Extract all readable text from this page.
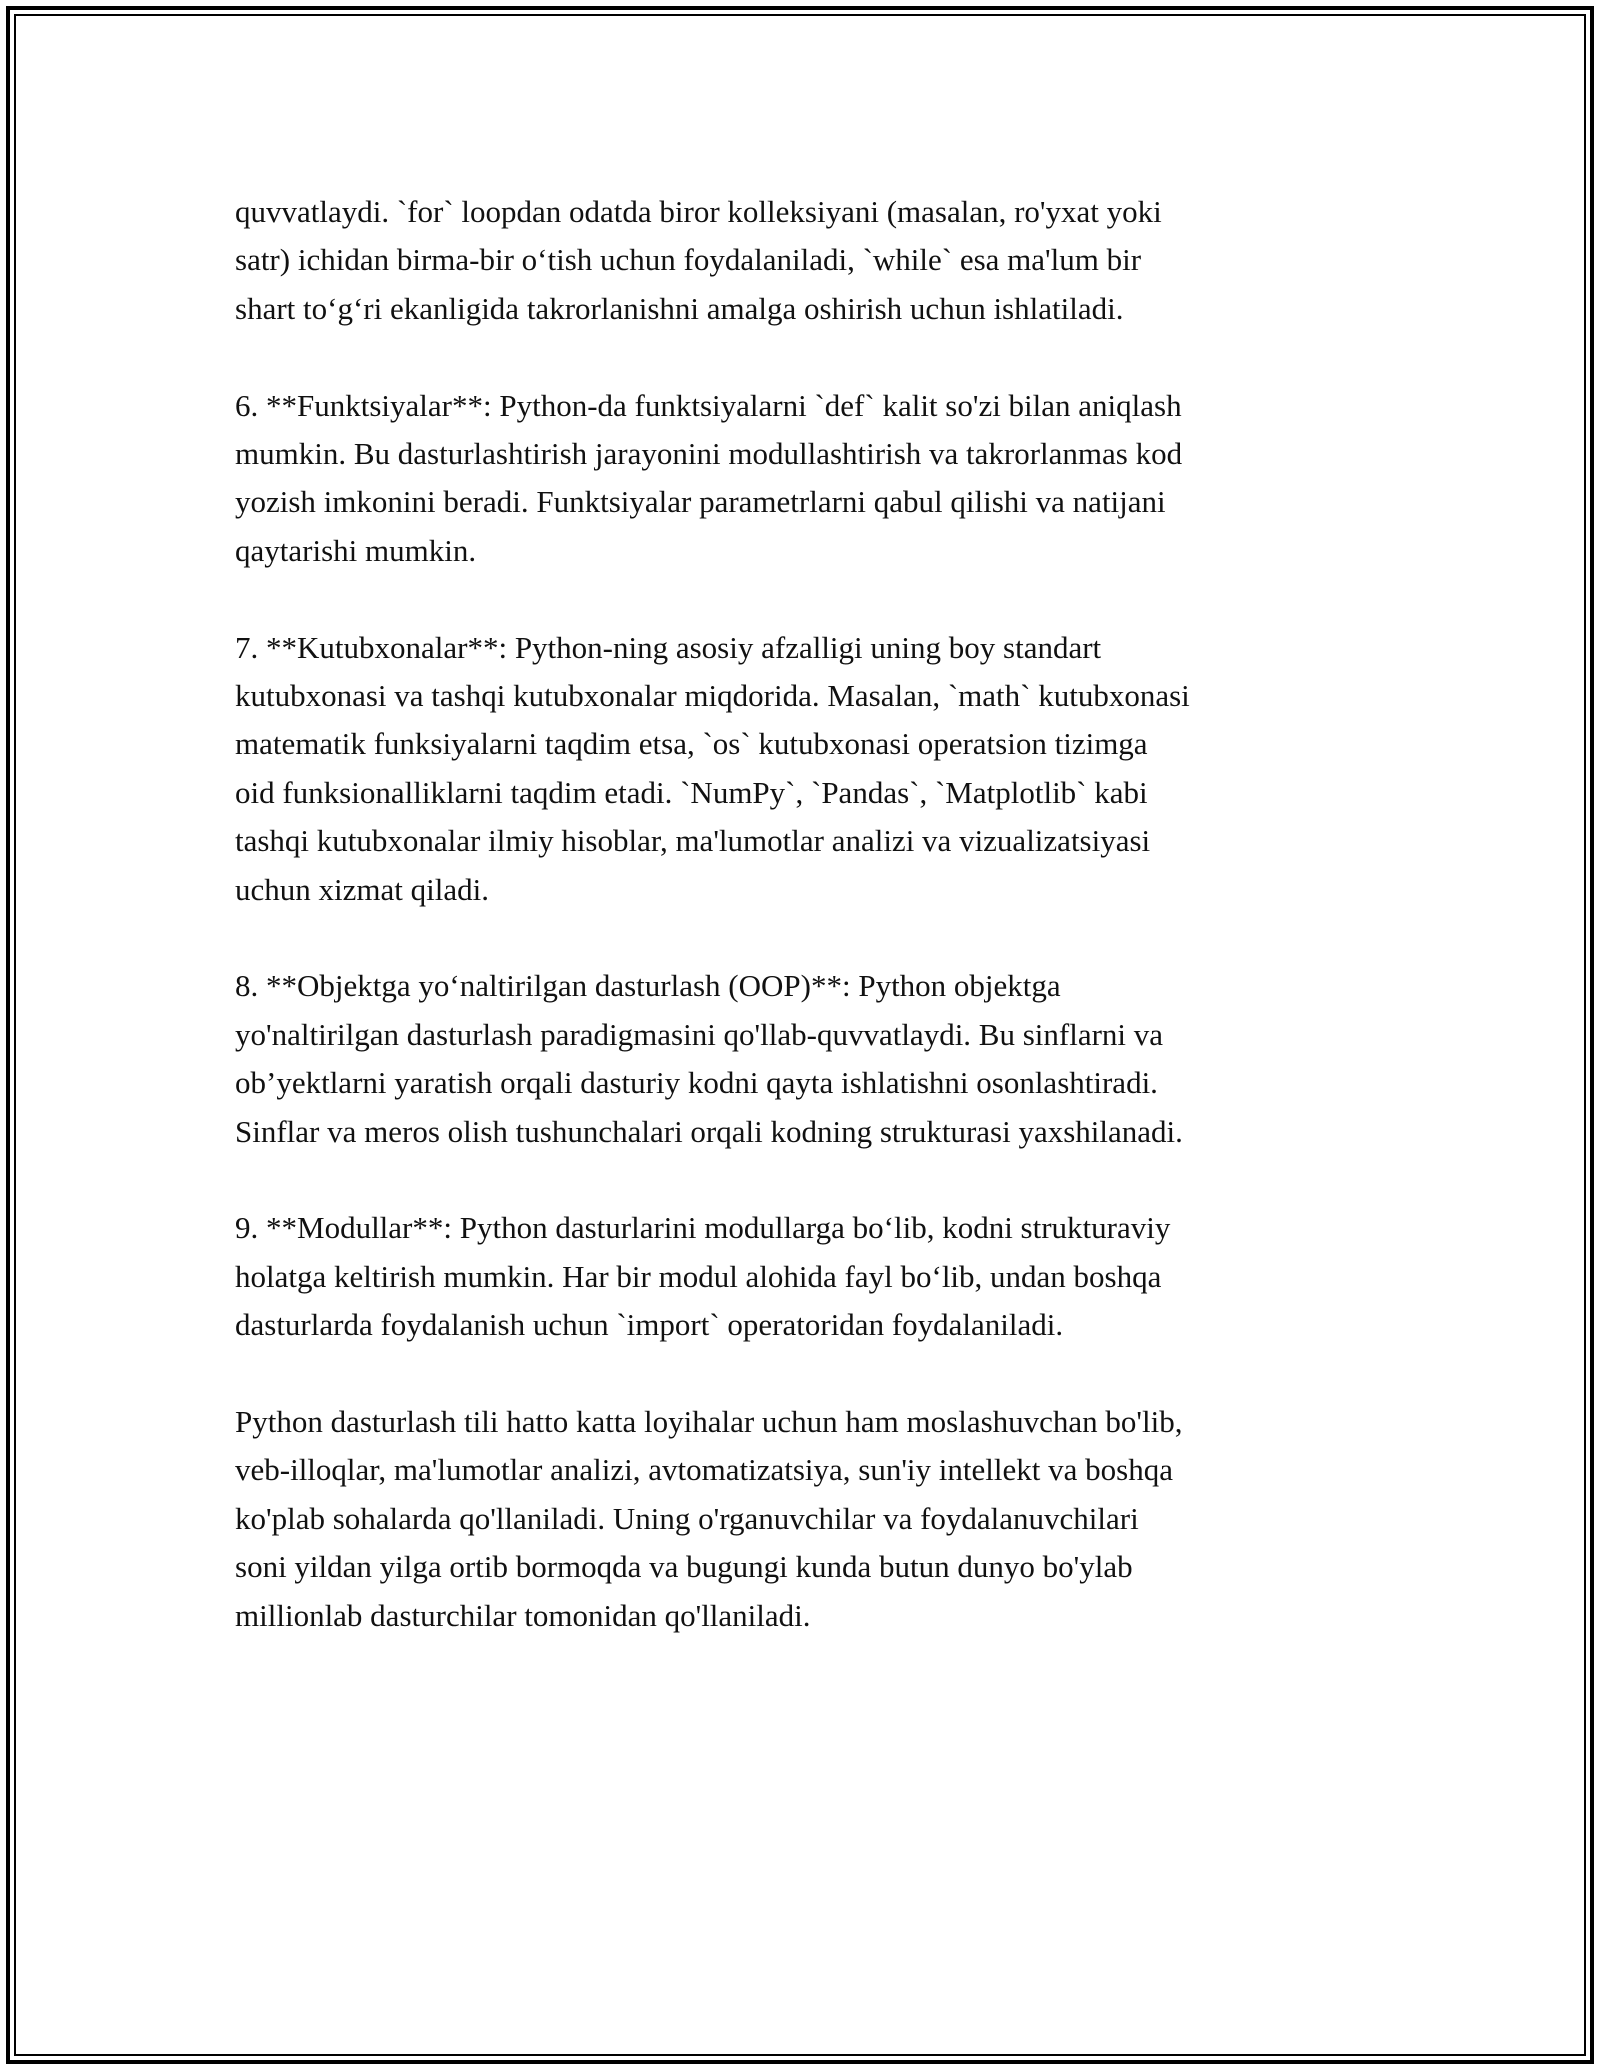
quvvatlaydi. `for` loopdan odatda biror kolleksiyani (masalan, ro'yxat yoki
satr) ichidan birma-bir o‘tish uchun foydalaniladi, `while` esa ma'lum bir
shart to‘g‘ri ekanligida takrorlanishni amalga oshirish uchun ishlatiladi.

6. **Funktsiyalar**: Python-da funktsiyalarni `def` kalit so'zi bilan aniqlash
mumkin. Bu dasturlashtirish jarayonini modullashtirish va takrorlanmas kod
yozish imkonini beradi. Funktsiyalar parametrlarni qabul qilishi va natijani
qaytarishi mumkin.

7. **Kutubxonalar**: Python-ning asosiy afzalligi uning boy standart
kutubxonasi va tashqi kutubxonalar miqdorida. Masalan, `math` kutubxonasi
matematik funksiyalarni taqdim etsa, `os` kutubxonasi operatsion tizimga
oid funksionalliklarni taqdim etadi. `NumPy`, `Pandas`, `Matplotlib` kabi
tashqi kutubxonalar ilmiy hisoblar, ma'lumotlar analizi va vizualizatsiyasi
uchun xizmat qiladi.

8. **Objektga yo‘naltirilgan dasturlash (OOP)**: Python objektga
yo'naltirilgan dasturlash paradigmasini qo'llab-quvvatlaydi. Bu sinflarni va
ob’yektlarni yaratish orqali dasturiy kodni qayta ishlatishni osonlashtiradi.
Sinflar va meros olish tushunchalari orqali kodning strukturasi yaxshilanadi.

9. **Modullar**: Python dasturlarini modullarga bo‘lib, kodni strukturaviy
holatga keltirish mumkin. Har bir modul alohida fayl bo‘lib, undan boshqa
dasturlarda foydalanish uchun `import` operatoridan foydalaniladi.

Python dasturlash tili hatto katta loyihalar uchun ham moslashuvchan bo'lib,
veb-illoqlar, ma'lumotlar analizi, avtomatizatsiya, sun'iy intellekt va boshqa
ko'plab sohalarda qo'llaniladi. Uning o'rganuvchilar va foydalanuvchilari
soni yildan yilga ortib bormoqda va bugungi kunda butun dunyo bo'ylab
millionlab dasturchilar tomonidan qo'llaniladi.
